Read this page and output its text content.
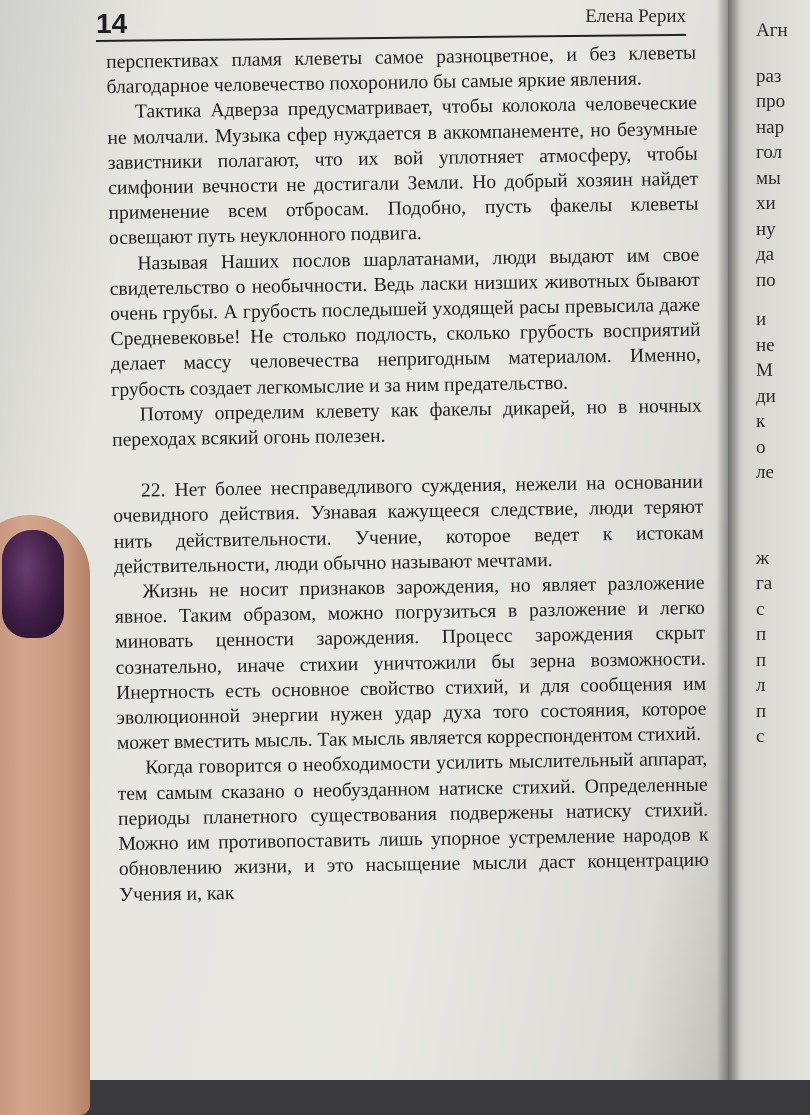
14	Елена Рерих

перспективах пламя клеветы самое разноцветное, и без клеветы благодарное человечество похоронило бы самые яркие явления.

Тактика Адверза предусматривает, чтобы колокола человеческие не молчали. Музыка сфер нуждается в аккомпанементе, но безумные завистники полагают, что их вой уплотняет атмосферу, чтобы симфонии вечности не достигали Земли. Но добрый хозяин найдет применение всем отбросам. Подобно, пусть факелы клеветы освещают путь неуклонного подвига.

Называя Наших послов шарлатанами, люди выдают им свое свидетельство о необычности. Ведь ласки низших животных бывают очень грубы. А грубость последышей уходящей расы превысила даже Средневековье! Не столько подлость, сколько грубость восприятий делает массу человечества непригодным материалом. Именно, грубость создает легкомыслие и за ним предательство.

Потому определим клевету как факелы дикарей, но в ночных переходах всякий огонь полезен.

22. Нет более несправедливого суждения, нежели на основании очевидного действия. Узнавая кажущееся следствие, люди теряют нить действительности. Учение, которое ведет к истокам действительности, люди обычно называют мечтами.

Жизнь не носит признаков зарождения, но являет разложение явное. Таким образом, можно погрузиться в разложение и легко миновать ценности зарождения. Процесс зарождения скрыт сознательно, иначе стихии уничтожили бы зерна возможности. Инертность есть основное свойство стихий, и для сообщения им эволюционной энергии нужен удар духа того состояния, которое может вместить мысль. Так мысль является корреспондентом стихий.

Когда говорится о необходимости усилить мыслительный аппарат, тем самым сказано о необузданном натиске стихий. Определенные периоды планетного существования подвержены натиску стихий. Можно им противопоставить лишь упорное устремление народов к обновлению жизни, и это насыщение мысли даст концентрацию Учения и, как

Агн
раз
про
нар
гол
мы
хи
ну
да
по
и
не
М
ди
к
о
ле
ж
га
с
п
п
л
п
с
